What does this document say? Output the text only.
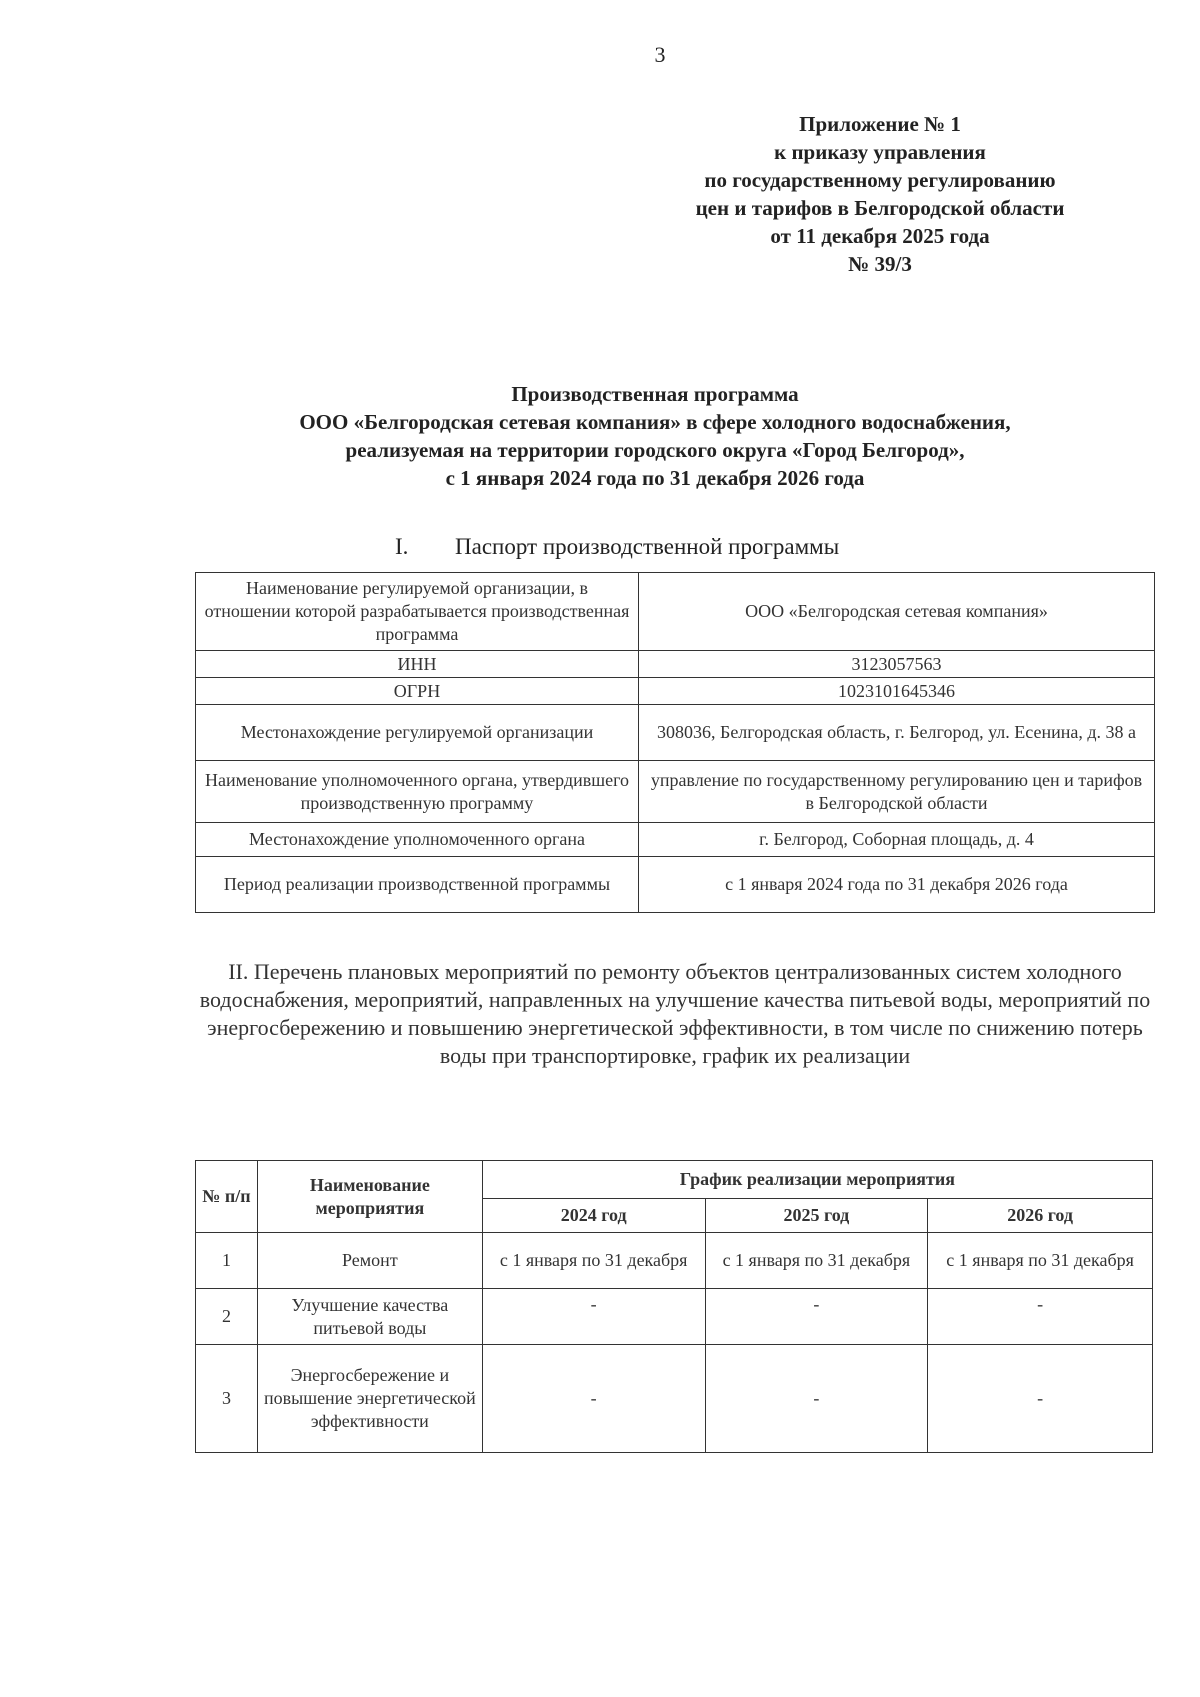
3
Приложение № 1
к приказу управления
по государственному регулированию
цен и тарифов в Белгородской области
от 11 декабря 2025 года
№ 39/3
Производственная программа
ООО «Белгородская сетевая компания» в сфере холодного водоснабжения,
реализуемая на территории городского округа «Город Белгород»,
с 1 января 2024 года по 31 декабря 2026 года
I. Паспорт производственной программы
Наименование регулируемой организации, в отношении которой разрабатывается производственная программа	ООО «Белгородская сетевая компания»
ИНН	3123057563
ОГРН	1023101645346
Местонахождение регулируемой организации	308036, Белгородская область, г. Белгород, ул. Есенина, д. 38 а
Наименование уполномоченного органа, утвердившего производственную программу	управление по государственному регулированию цен и тарифов в Белгородской области
Местонахождение уполномоченного органа	г. Белгород, Соборная площадь, д. 4
Период реализации производственной программы	с 1 января 2024 года по 31 декабря 2026 года
II. Перечень плановых мероприятий по ремонту объектов централизованных систем холодного водоснабжения, мероприятий, направленных на улучшение качества питьевой воды, мероприятий по энергосбережению и повышению энергетической эффективности, в том числе по снижению потерь воды при транспортировке, график их реализации
№ п/п	Наименование мероприятия	График реализации мероприятия		
		2024 год	2025 год	2026 год
1	Ремонт	с 1 января по 31 декабря	с 1 января по 31 декабря	с 1 января по 31 декабря
2	Улучшение качества питьевой воды	-	-	-
3	Энергосбережение и повышение энергетической эффективности	-	-	-
